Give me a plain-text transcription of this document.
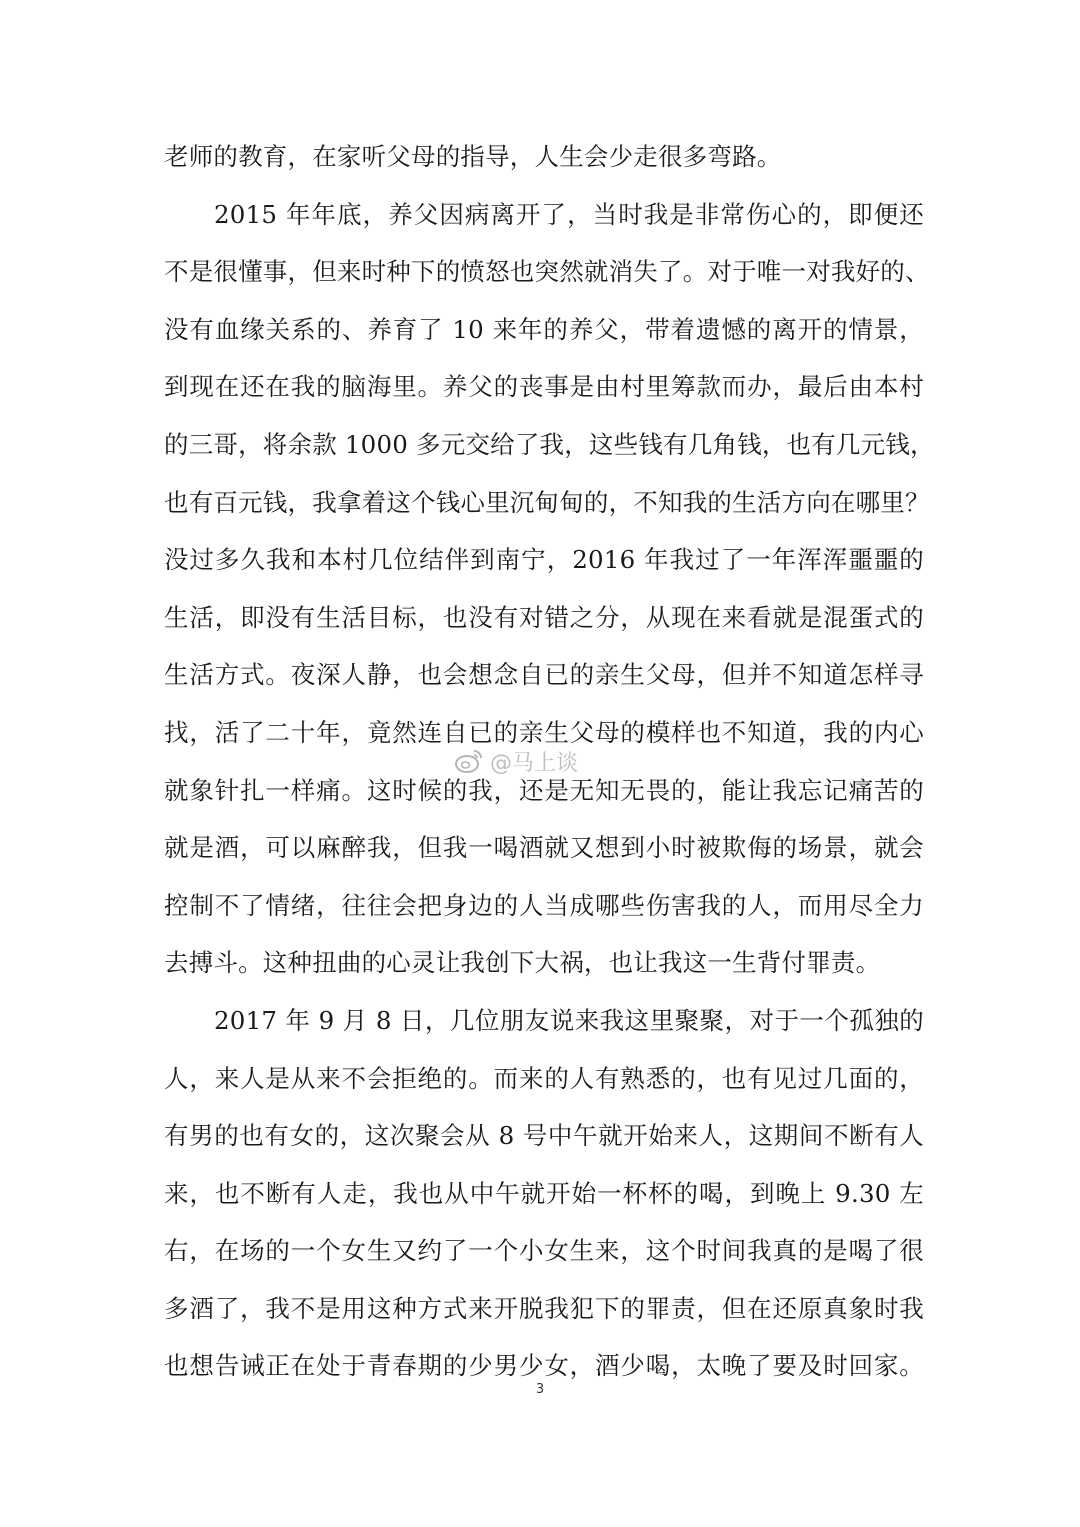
老师的教育，在家听父母的指导，人生会少走很多弯路。
2015 年年底，养父因病离开了，当时我是非常伤心的，即便还
不是很懂事，但来时种下的愤怒也突然就消失了。对于唯一对我好的、
没有血缘关系的、养育了 10 来年的养父，带着遗憾的离开的情景，
到现在还在我的脑海里。养父的丧事是由村里筹款而办，最后由本村
的三哥，将余款 1000 多元交给了我，这些钱有几角钱，也有几元钱，
也有百元钱，我拿着这个钱心里沉甸甸的，不知我的生活方向在哪里？
没过多久我和本村几位结伴到南宁，2016 年我过了一年浑浑噩噩的
生活，即没有生活目标，也没有对错之分，从现在来看就是混蛋式的
生活方式。夜深人静，也会想念自已的亲生父母，但并不知道怎样寻
找，活了二十年，竟然连自已的亲生父母的模样也不知道，我的内心
就象针扎一样痛。这时候的我，还是无知无畏的，能让我忘记痛苦的
就是酒，可以麻醉我，但我一喝酒就又想到小时被欺侮的场景，就会
控制不了情绪，往往会把身边的人当成哪些伤害我的人，而用尽全力
去搏斗。这种扭曲的心灵让我创下大祸，也让我这一生背付罪责。
2017 年 9 月 8 日，几位朋友说来我这里聚聚，对于一个孤独的
人，来人是从来不会拒绝的。而来的人有熟悉的，也有见过几面的，
有男的也有女的，这次聚会从 8 号中午就开始来人，这期间不断有人
来，也不断有人走，我也从中午就开始一杯杯的喝，到晚上 9.30 左
右，在场的一个女生又约了一个小女生来，这个时间我真的是喝了很
多酒了，我不是用这种方式来开脱我犯下的罪责，但在还原真象时我
也想告诫正在处于青春期的少男少女，酒少喝，太晚了要及时回家。
@马上谈
3
